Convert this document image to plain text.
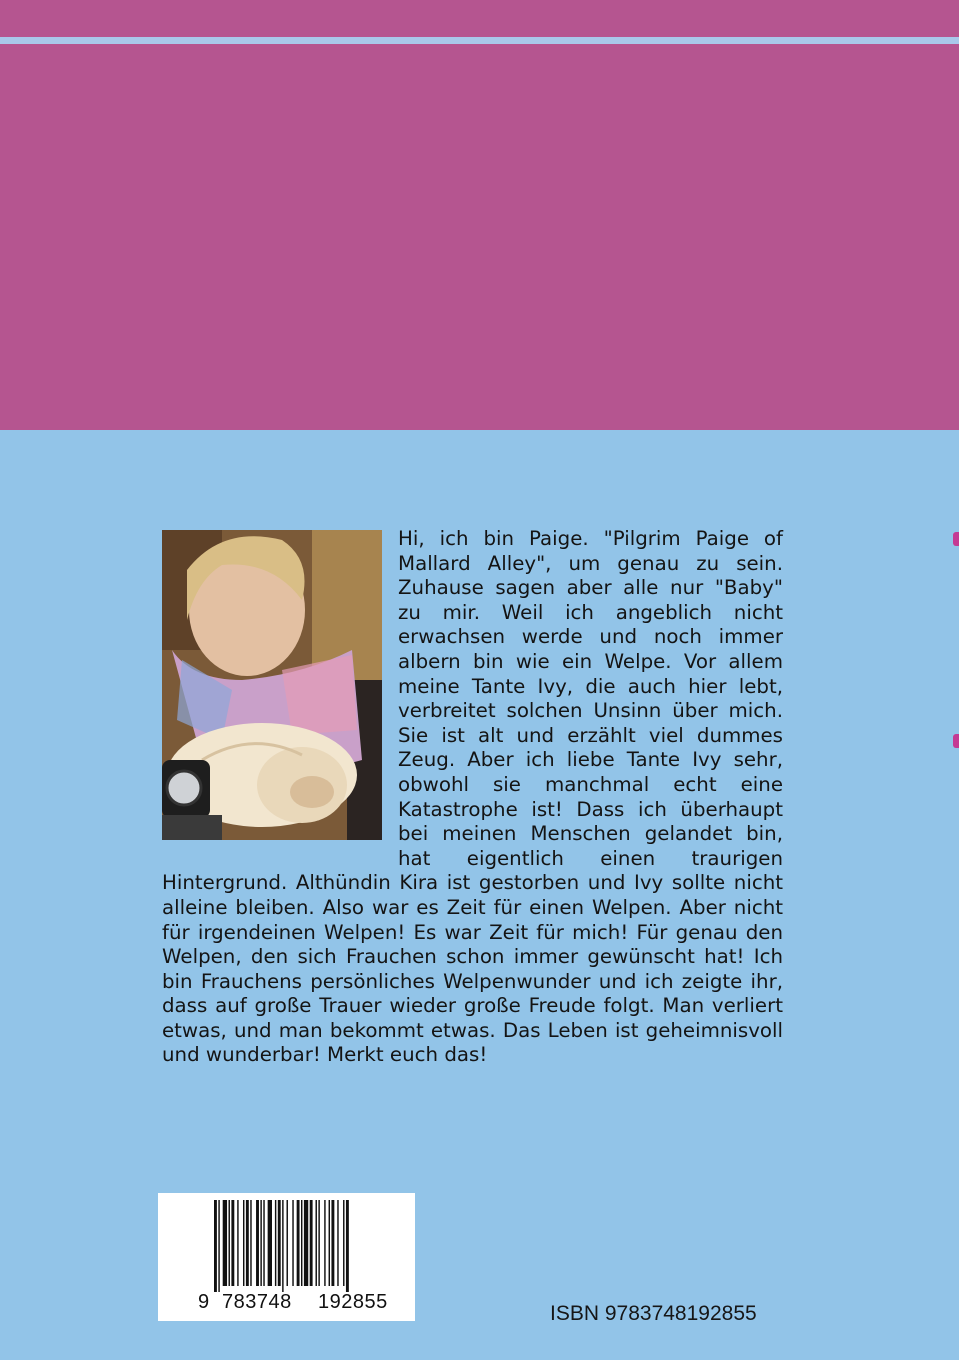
Hi, ich bin Paige. "Pilgrim Paige of Mallard Alley", um genau zu sein. Zuhause sagen aber alle nur "Baby" zu mir. Weil ich angeblich nicht erwachsen werde und noch immer albern bin wie ein Welpe. Vor allem meine Tante Ivy, die auch hier lebt, verbreitet solchen Unsinn über mich. Sie ist alt und erzählt viel dummes Zeug. Aber ich liebe Tante Ivy sehr, obwohl sie manchmal echt eine Katastrophe ist! Dass ich überhaupt bei meinen Menschen gelandet bin, hat eigentlich einen traurigen Hintergrund. Althündin Kira ist gestorben und Ivy sollte nicht alleine bleiben. Also war es Zeit für einen Welpen. Aber nicht für irgendeinen Welpen! Es war Zeit für mich! Für genau den Welpen, den sich Frauchen schon immer gewünscht hat! Ich bin Frauchens persönliches Welpenwunder und ich zeigte ihr, dass auf große Trauer wieder große Freude folgt. Man verliert etwas, und man bekommt etwas. Das Leben ist geheimnisvoll und wunderbar! Merkt euch das!

9 783748 192855	ISBN 9783748192855
